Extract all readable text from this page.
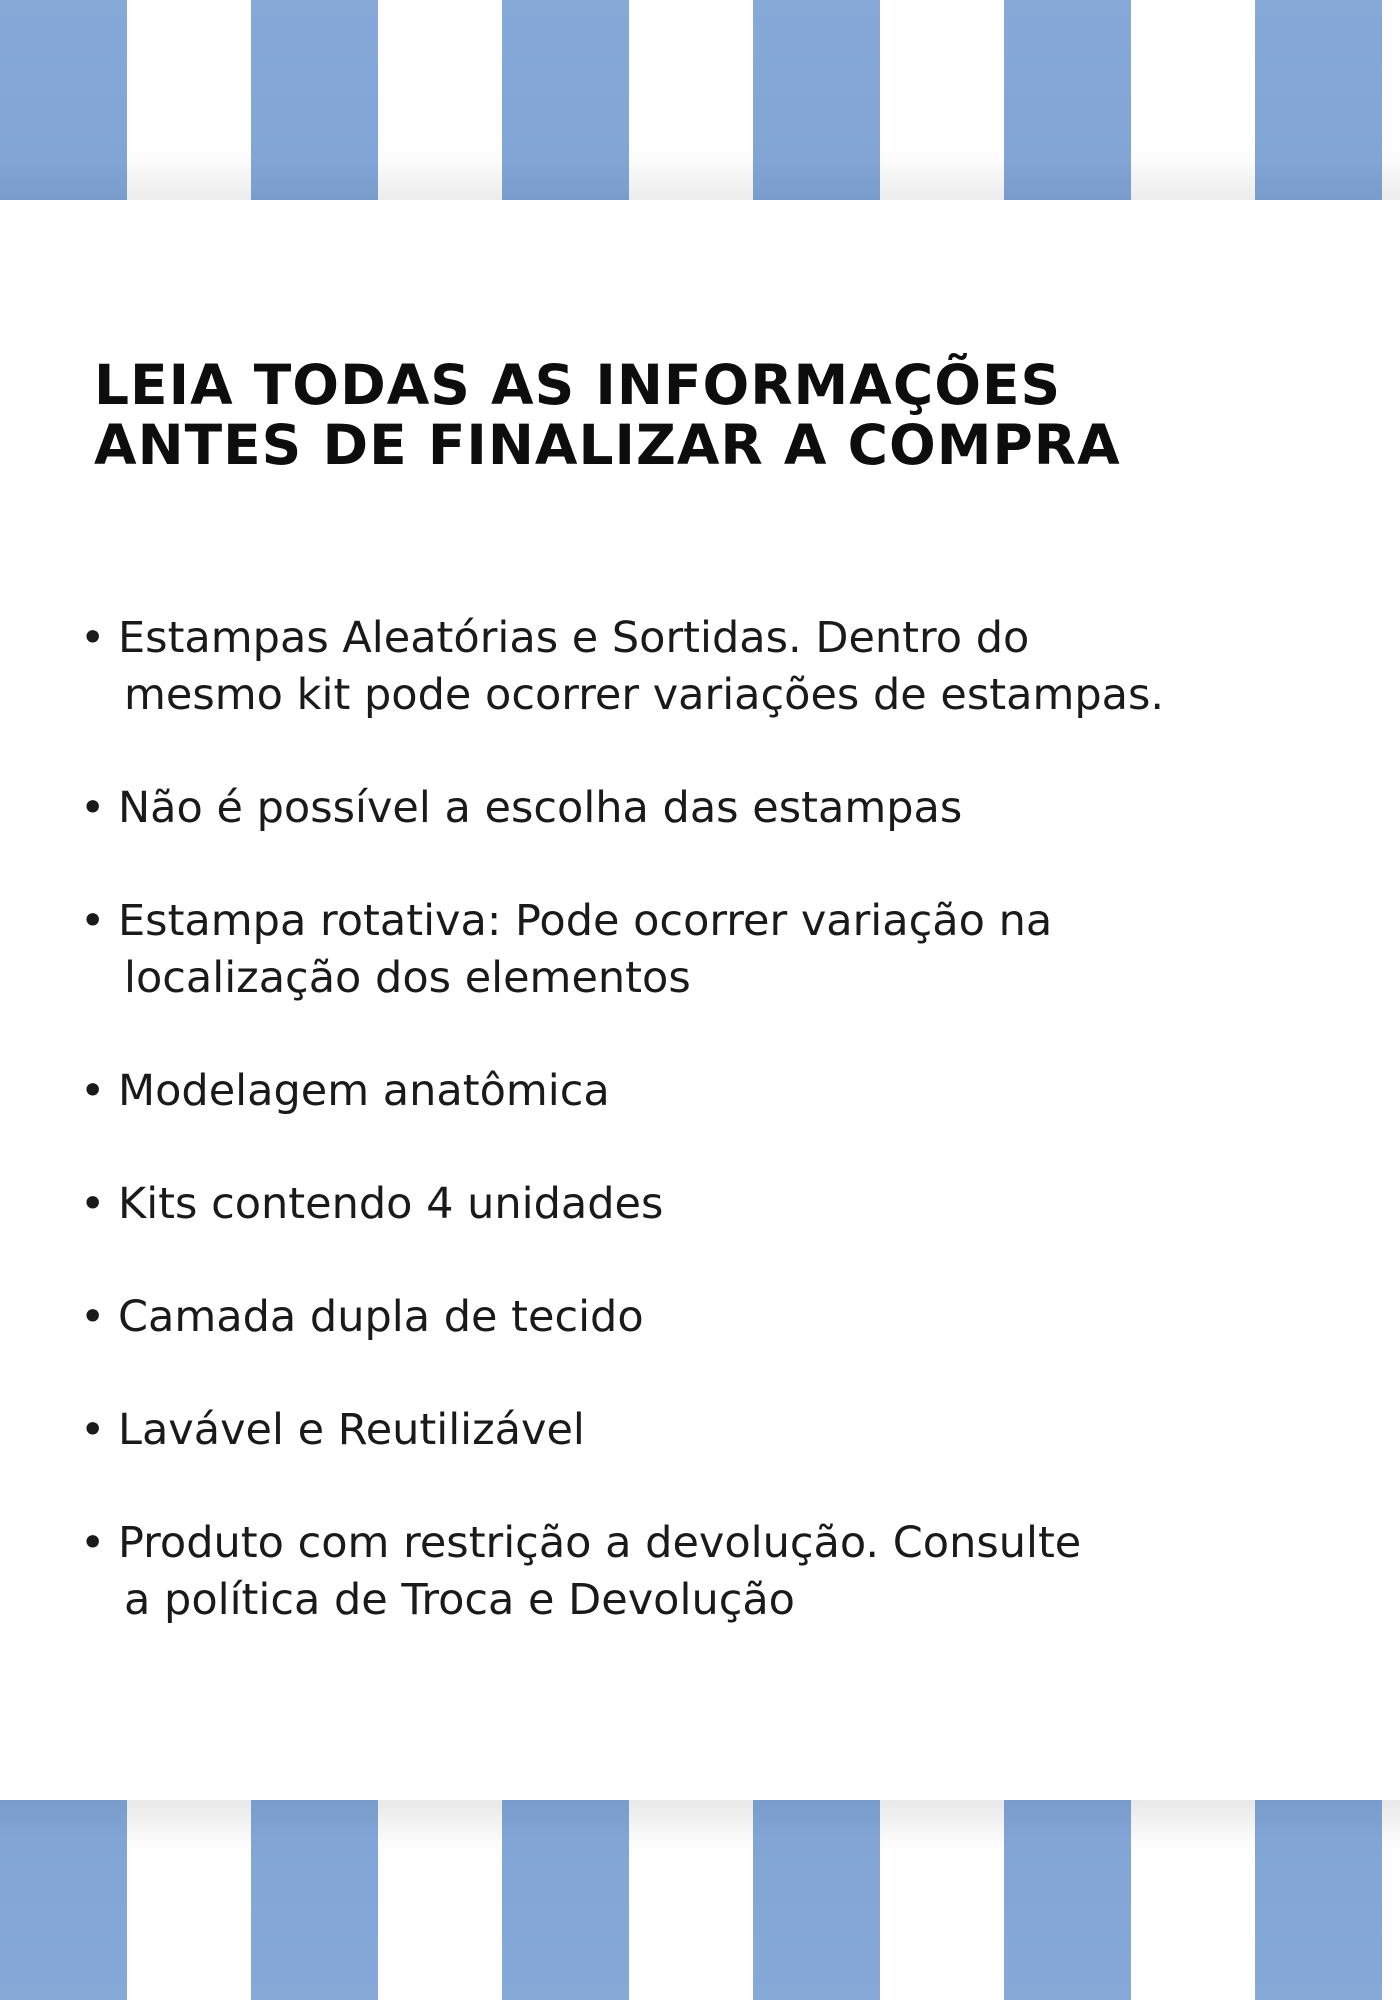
LEIA TODAS AS INFORMAÇÕES
ANTES DE FINALIZAR A COMPRA
• Estampas Aleatórias e Sortidas. Dentro do
mesmo kit pode ocorrer variações de estampas.
• Não é possível a escolha das estampas
• Estampa rotativa: Pode ocorrer variação na
localização dos elementos
• Modelagem anatômica
• Kits contendo 4 unidades
• Camada dupla de tecido
• Lavável e Reutilizável
• Produto com restrição a devolução. Consulte
a política de Troca e Devolução
